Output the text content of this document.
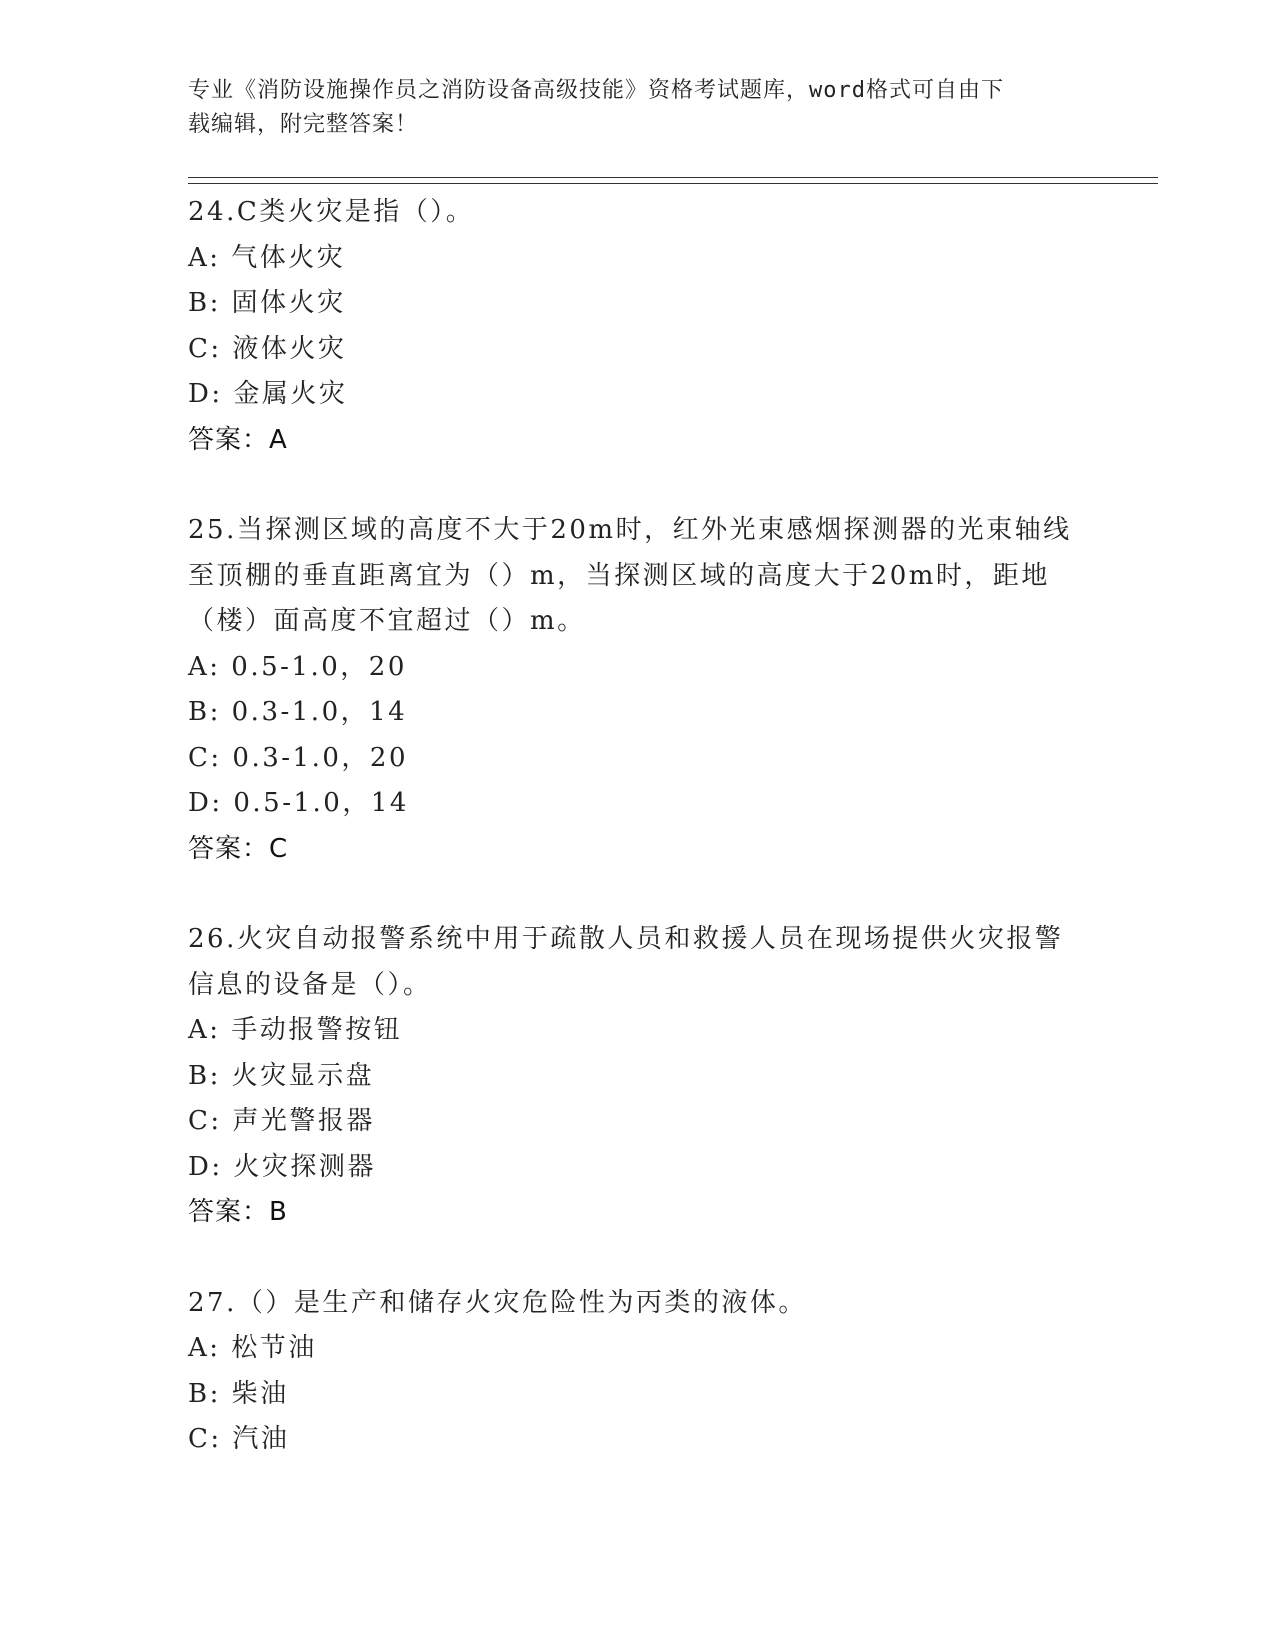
专业《消防设施操作员之消防设备高级技能》资格考试题库，word格式可自由下
载编辑，附完整答案！

24.C类火灾是指（）。

A: 气体火灾

B: 固体火灾

C: 液体火灾

D: 金属火灾

答案：A

25.当探测区域的高度不大于20m时，红外光束感烟探测器的光束轴线至顶棚的垂直距离宜为（）m，当探测区域的高度大于20m时，距地（楼）面高度不宜超过（）m。

A: 0.5-1.0，20

B: 0.3-1.0，14

C: 0.3-1.0，20

D: 0.5-1.0，14

答案：C

26.火灾自动报警系统中用于疏散人员和救援人员在现场提供火灾报警信息的设备是（）。

A: 手动报警按钮

B: 火灾显示盘

C: 声光警报器

D: 火灾探测器

答案：B

27.（）是生产和储存火灾危险性为丙类的液体。

A: 松节油

B: 柴油

C: 汽油
